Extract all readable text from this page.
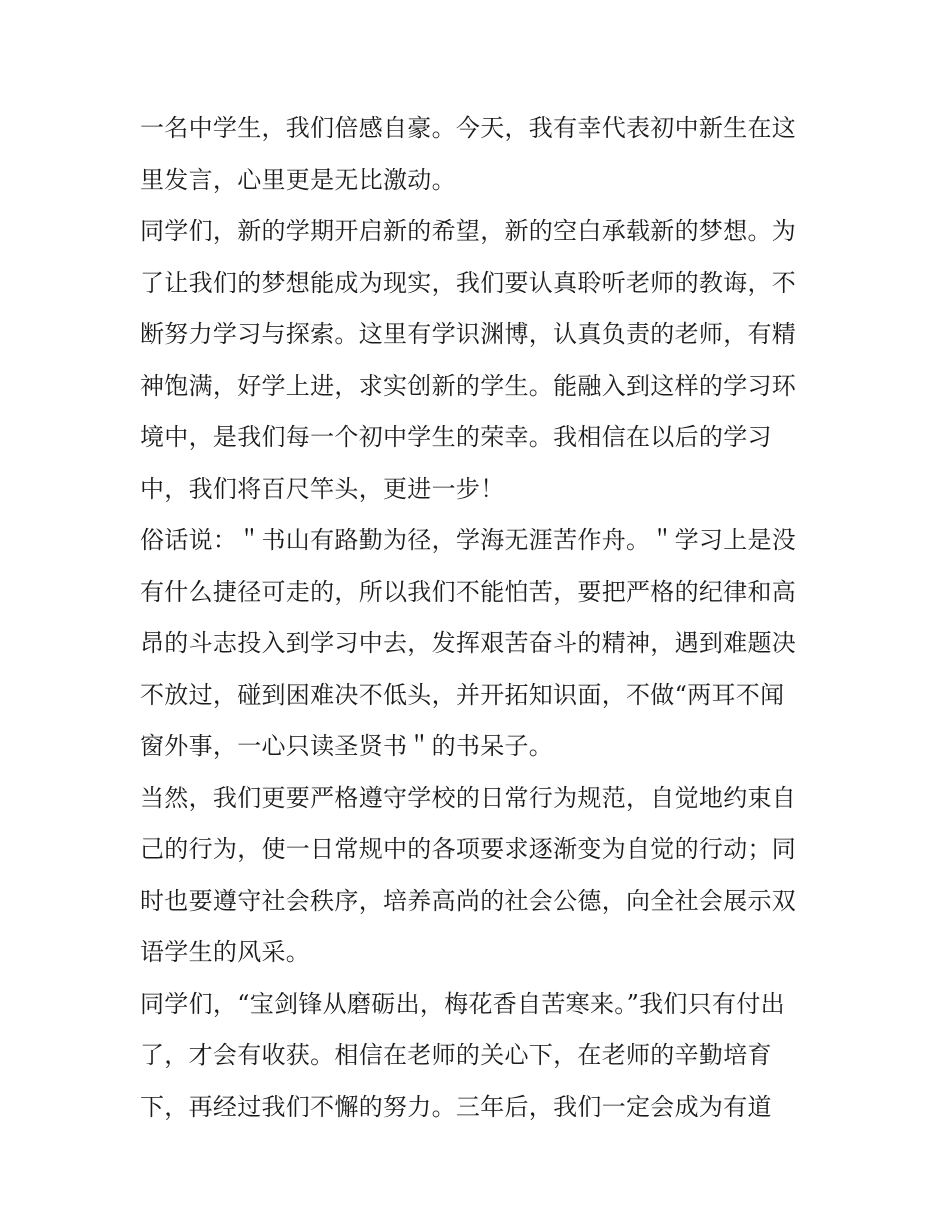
一名中学生，我们倍感自豪。今天，我有幸代表初中新生在这
里发言，心里更是无比激动。
同学们，新的学期开启新的希望，新的空白承载新的梦想。为
了让我们的梦想能成为现实，我们要认真聆听老师的教诲，不
断努力学习与探索。这里有学识渊博，认真负责的老师，有精
神饱满，好学上进，求实创新的学生。能融入到这样的学习环
境中，是我们每一个初中学生的荣幸。我相信在以后的学习
中，我们将百尺竿头，更进一步！
俗话说：＂书山有路勤为径，学海无涯苦作舟。＂学习上是没
有什么捷径可走的，所以我们不能怕苦，要把严格的纪律和高
昂的斗志投入到学习中去，发挥艰苦奋斗的精神，遇到难题决
不放过，碰到困难决不低头，并开拓知识面，不做“两耳不闻
窗外事，一心只读圣贤书＂的书呆子。
当然，我们更要严格遵守学校的日常行为规范，自觉地约束自
己的行为，使一日常规中的各项要求逐渐变为自觉的行动；同
时也要遵守社会秩序，培养高尚的社会公德，向全社会展示双
语学生的风采。
同学们，“宝剑锋从磨砺出，梅花香自苦寒来。”我们只有付出
了，才会有收获。相信在老师的关心下，在老师的辛勤培育
下，再经过我们不懈的努力。三年后，我们一定会成为有道
